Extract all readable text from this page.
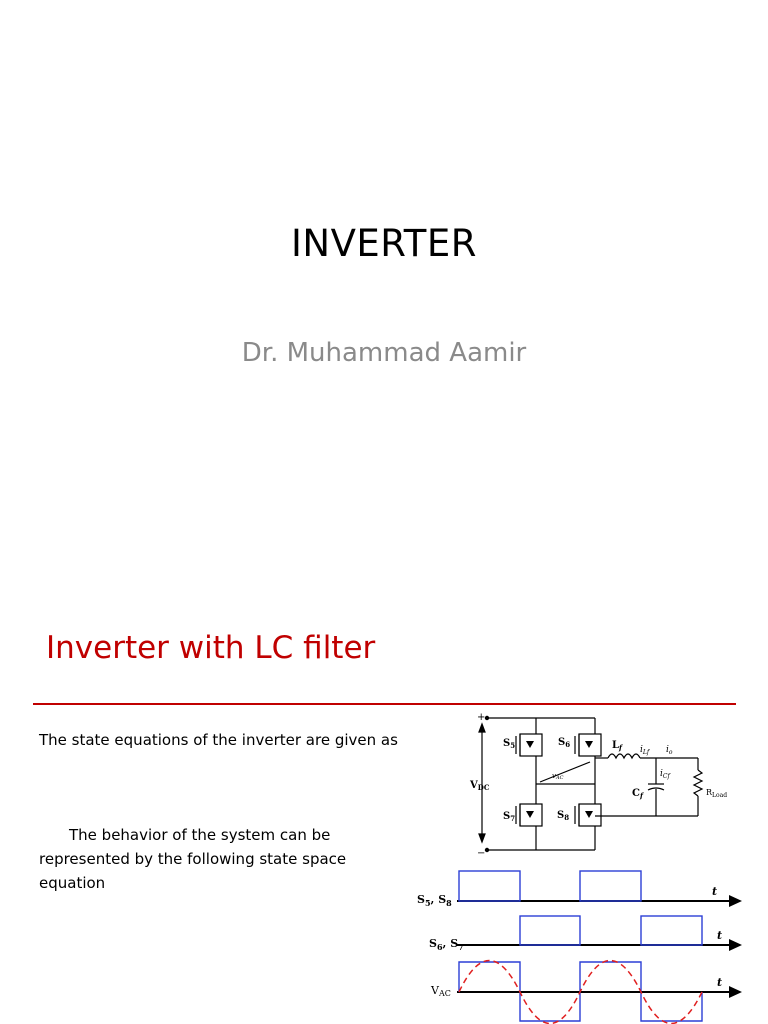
INVERTER
Dr. Muhammad Aamir
Inverter with LC filter
The state equations of the inverter are given as
The behavior of the system can be represented by the following state space equation
+
−
$V_{DC}$
$S_5$	$S_6$
$S_7$	$S_8$
vAC
$L_f$ $i_{Lf}$ $i_o$
$i_{Cf}$
$C_f$	$R_{Load}$
$S_5$, $S_8$
$S_6$, $S_7$
VAC
t
t
t
